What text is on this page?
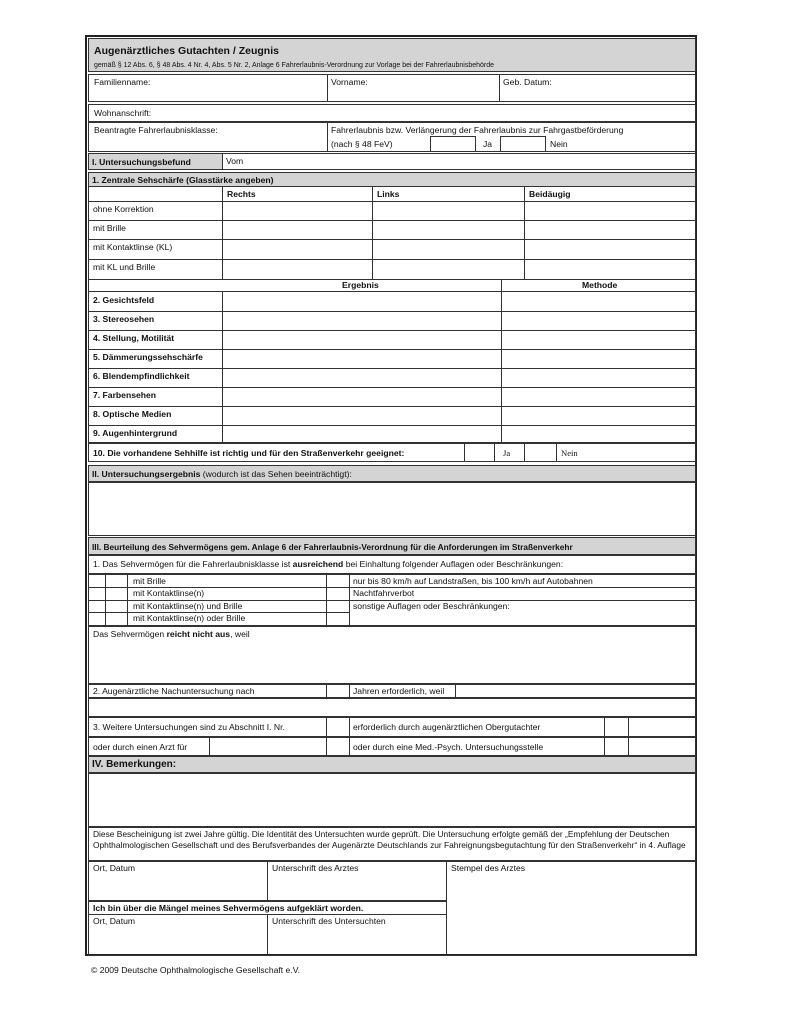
Augenärztliches Gutachten / Zeugnis
gemäß § 12 Abs. 6, § 48 Abs. 4 Nr. 4, Abs. 5 Nr. 2, Anlage 6 Fahrerlaubnis-Verordnung zur Vorlage bei der Fahrerlaubnisbehörde
Familienname:	Vorname:	Geb. Datum:
Wohnanschrift:
Beantragte Fahrerlaubnisklasse:	Fahrerlaubnis bzw. Verlängerung der Fahrerlaubnis zur Fahrgastbeförderung
(nach § 48 FeV)	Ja	Nein
I. Untersuchungsbefund	Vom
1. Zentrale Sehschärfe (Glasstärke angeben)
Rechts	Links	Beidäugig
ohne Korrektion
mit Brille
mit Kontaktlinse (KL)
mit KL und Brille
Ergebnis	Methode
2. Gesichtsfeld
3. Stereosehen
4. Stellung, Motilität
5. Dämmerungssehschärfe
6. Blendempfindlichkeit
7. Farbensehen
8. Optische Medien
9. Augenhintergrund
10. Die vorhandene Sehhilfe ist richtig und für den Straßenverkehr geeignet:	Ja	Nein
II. Untersuchungsergebnis (wodurch ist das Sehen beeinträchtigt):
III. Beurteilung des Sehvermögens gem. Anlage 6 der Fahrerlaubnis-Verordnung für die Anforderungen im Straßenverkehr
1. Das Sehvermögen für die Fahrerlaubnisklasse ist ausreichend bei Einhaltung folgender Auflagen oder Beschränkungen:
mit Brille
mit Kontaktlinse(n)
mit Kontaktlinse(n) und Brille
mit Kontaktlinse(n) oder Brille
nur bis 80 km/h auf Landstraßen, bis 100 km/h auf Autobahnen
Nachtfahrverbot
sonstige Auflagen oder Beschränkungen:
Das Sehvermögen reicht nicht aus, weil
2. Augenärztliche Nachuntersuchung nach	Jahren erforderlich, weil
3. Weitere Untersuchungen sind zu Abschnitt I. Nr.	erforderlich durch augenärztlichen Obergutachter
oder durch einen Arzt für	oder durch eine Med.-Psych. Untersuchungsstelle
IV. Bemerkungen:
Diese Bescheinigung ist zwei Jahre gültig. Die Identität des Untersuchten wurde geprüft. Die Untersuchung erfolgte gemäß der „Empfehlung der Deutschen Ophthalmologischen Gesellschaft und des Berufsverbandes der Augenärzte Deutschlands zur Fahreignungsbegutachtung für den Straßenverkehr“ in 4. Auflage
Ort, Datum	Unterschrift des Arztes	Stempel des Arztes
Ich bin über die Mängel meines Sehvermögens aufgeklärt worden.
Ort, Datum	Unterschrift des Untersuchten
© 2009 Deutsche Ophthalmologische Gesellschaft e.V.
